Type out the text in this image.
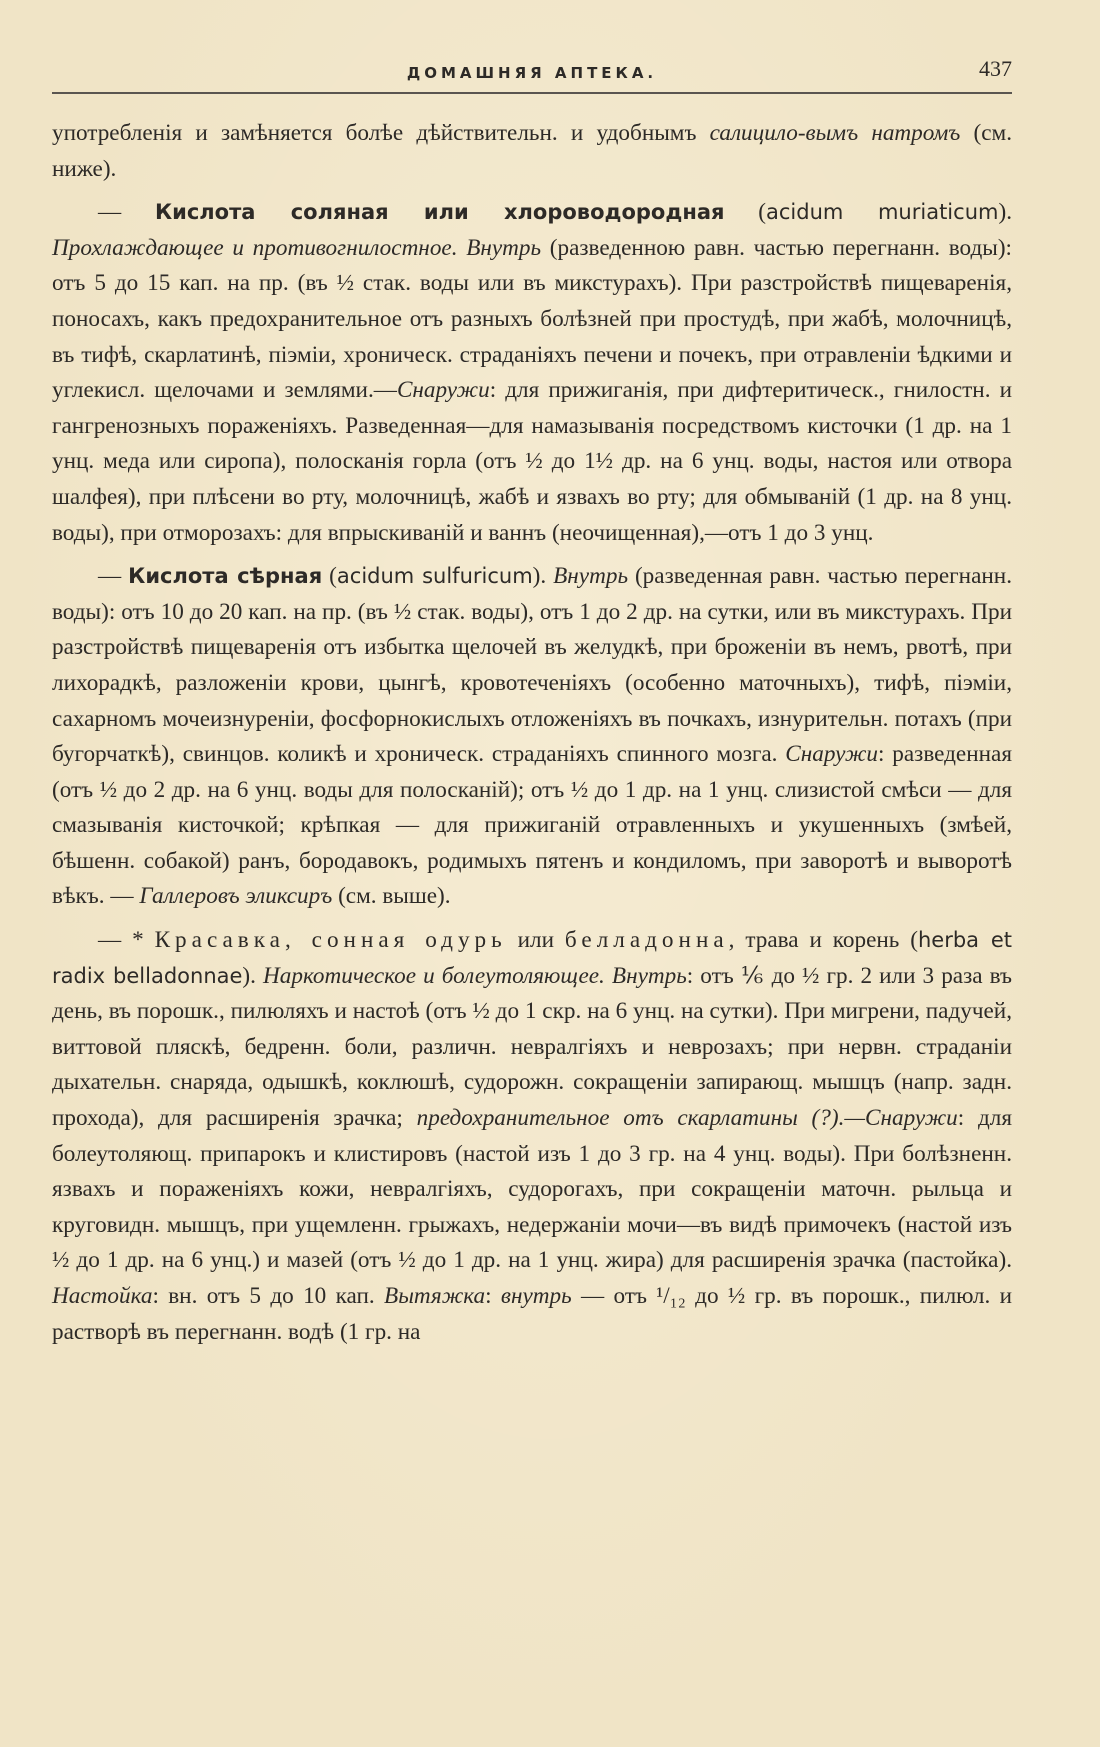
ДОМАШНЯЯ АПТЕКА.	437

употребленія и замѣняется болѣе дѣйствительн. и удобнымъ салицило-вымъ натромъ (см. ниже).

— Кислота соляная или хлороводородная (acidum muriaticum). Прохлаждающее и противогнилостное. Внутрь (разведенною равн. частью перегнанн. воды): отъ 5 до 15 кап. на пр. (въ ½ стак. воды или въ микстурахъ). При разстройствѣ пищеваренія, поносахъ, какъ предохранительное отъ разныхъ болѣзней при простудѣ, при жабѣ, молочницѣ, въ тифѣ, скарлатинѣ, піэміи, хроническ. страданіяхъ печени и почекъ, при отравленіи ѣдкими и углекисл. щелочами и землями.—Снаружи: для прижиганія, при дифтеритическ., гнилостн. и гангренозныхъ пораженіяхъ. Разведенная—для намазыванія посредствомъ кисточки (1 др. на 1 унц. меда или сиропа), полосканія горла (отъ ½ до 1½ др. на 6 унц. воды, настоя или отвора шалфея), при плѣсени во рту, молочницѣ, жабѣ и язвахъ во рту; для обмываній (1 др. на 8 унц. воды), при отморозахъ: для впрыскиваній и ваннъ (неочищенная),—отъ 1 до 3 унц.

— Кислота сѣрная (acidum sulfuricum). Внутрь (разведенная равн. частью перегнанн. воды): отъ 10 до 20 кап. на пр. (въ ½ стак. воды), отъ 1 до 2 др. на сутки, или въ микстурахъ. При разстройствѣ пищеваренія отъ избытка щелочей въ желудкѣ, при броженіи въ немъ, рвотѣ, при лихорадкѣ, разложеніи крови, цынгѣ, кровотеченіяхъ (особенно маточныхъ), тифѣ, піэміи, сахарномъ мочеизнуреніи, фосфорнокислыхъ отложеніяхъ въ почкахъ, изнурительн. потахъ (при бугорчаткѣ), свинцов. коликѣ и хроническ. страданіяхъ спинного мозга. Снаружи: разведенная (отъ ½ до 2 др. на 6 унц. воды для полосканій); отъ ½ до 1 др. на 1 унц. слизистой смѣси — для смазыванія кисточкой; крѣпкая — для прижиганій отравленныхъ и укушенныхъ (змѣей, бѣшенн. собакой) ранъ, бородавокъ, родимыхъ пятенъ и кондиломъ, при заворотѣ и выворотѣ вѣкъ. — Галлеровъ эликсиръ (см. выше).

— * Красавка, сонная одурь или белладонна, трава и корень (herba et radix belladonnae). Наркотическое и болеутоляющее. Внутрь: отъ ⅙ до ½ гр. 2 или 3 раза въ день, въ порошк., пилюляхъ и настоѣ (отъ ½ до 1 скр. на 6 унц. на сутки). При мигрени, падучей, виттовой пляскѣ, бедренн. боли, различн. невралгіяхъ и неврозахъ; при нервн. страданіи дыхательн. снаряда, одышкѣ, коклюшѣ, судорожн. сокращеніи запирающ. мышцъ (напр. задн. прохода), для расширенія зрачка; предохранительное отъ скарлатины (?).—Снаружи: для болеутоляющ. припарокъ и клистировъ (настой изъ 1 до 3 гр. на 4 унц. воды). При болѣзненн. язвахъ и пораженіяхъ кожи, невралгіяхъ, судорогахъ, при сокращеніи маточн. рыльца и круговидн. мышцъ, при ущемленн. грыжахъ, недержаніи мочи—въ видѣ примочекъ (настой изъ ½ до 1 др. на 6 унц.) и мазей (отъ ½ до 1 др. на 1 унц. жира) для расширенія зрачка (пастойка). Настойка: вн. отъ 5 до 10 кап. Вытяжка: внутрь — отъ ¹/₁₂ до ½ гр. въ порошк., пилюл. и растворѣ въ перегнанн. водѣ (1 гр. на
